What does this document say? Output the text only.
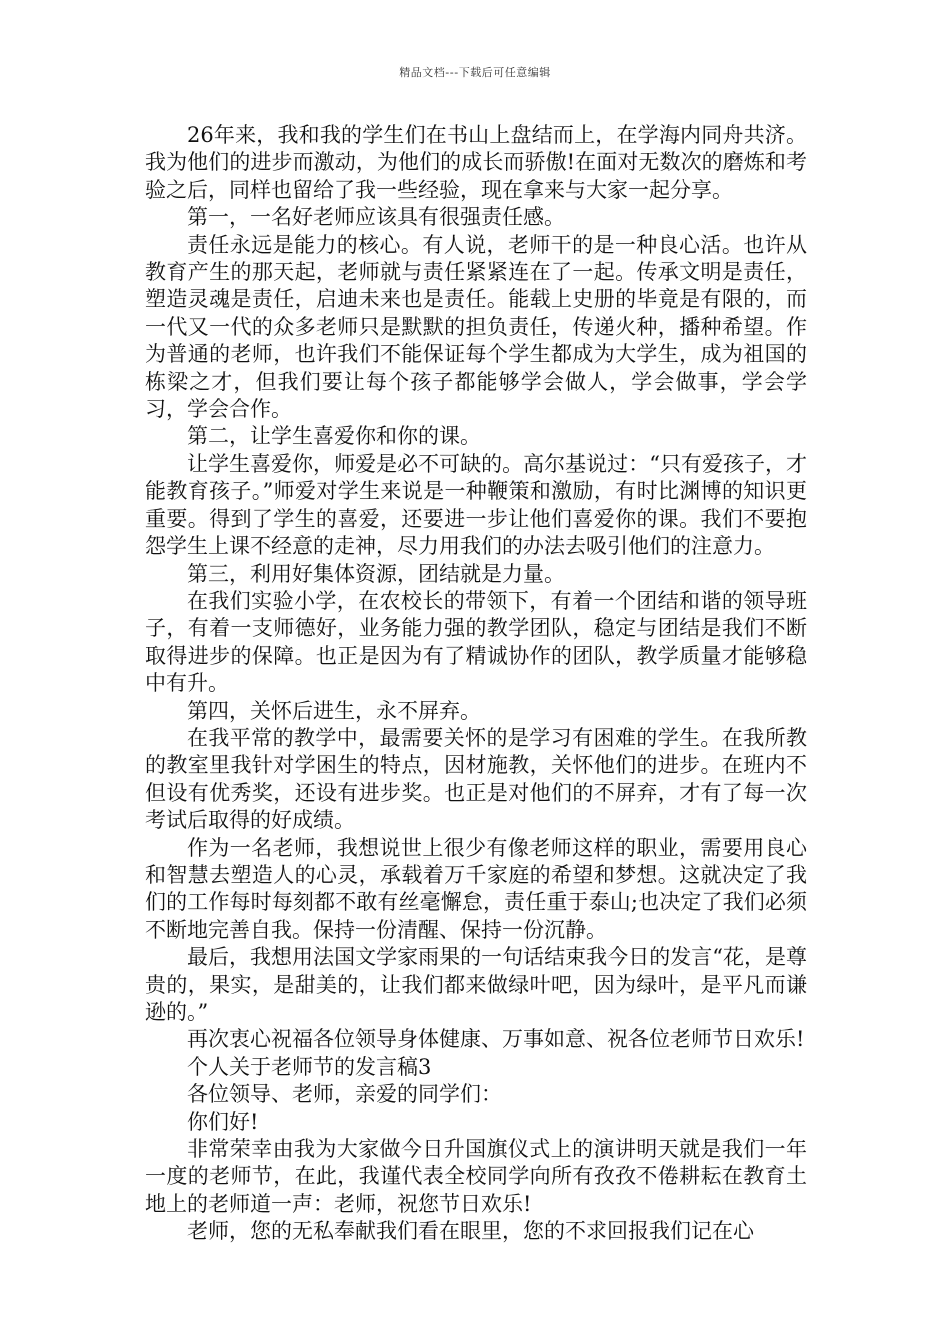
精品文档---下载后可任意编辑

26年来，我和我的学生们在书山上盘结而上，在学海内同舟共济。我为他们的进步而激动，为他们的成长而骄傲!在面对无数次的磨炼和考验之后，同样也留给了我一些经验，现在拿来与大家一起分享。

第一，一名好老师应该具有很强责任感。

责任永远是能力的核心。有人说，老师干的是一种良心活。也许从教育产生的那天起，老师就与责任紧紧连在了一起。传承文明是责任，塑造灵魂是责任，启迪未来也是责任。能载上史册的毕竟是有限的，而一代又一代的众多老师只是默默的担负责任，传递火种，播种希望。作为普通的老师，也许我们不能保证每个学生都成为大学生，成为祖国的栋梁之才，但我们要让每个孩子都能够学会做人，学会做事，学会学习，学会合作。

第二，让学生喜爱你和你的课。

让学生喜爱你，师爱是必不可缺的。高尔基说过：“只有爱孩子，才能教育孩子。”师爱对学生来说是一种鞭策和激励，有时比渊博的知识更重要。得到了学生的喜爱，还要进一步让他们喜爱你的课。我们不要抱怨学生上课不经意的走神，尽力用我们的办法去吸引他们的注意力。

第三，利用好集体资源，团结就是力量。

在我们实验小学，在农校长的带领下，有着一个团结和谐的领导班子，有着一支师德好，业务能力强的教学团队，稳定与团结是我们不断取得进步的保障。也正是因为有了精诚协作的团队，教学质量才能够稳中有升。

第四，关怀后进生，永不屏弃。

在我平常的教学中，最需要关怀的是学习有困难的学生。在我所教的教室里我针对学困生的特点，因材施教，关怀他们的进步。在班内不但设有优秀奖，还设有进步奖。也正是对他们的不屏弃，才有了每一次考试后取得的好成绩。

作为一名老师，我想说世上很少有像老师这样的职业，需要用良心和智慧去塑造人的心灵，承载着万千家庭的希望和梦想。这就决定了我们的工作每时每刻都不敢有丝毫懈怠，责任重于泰山;也决定了我们必须不断地完善自我。保持一份清醒、保持一份沉静。

最后，我想用法国文学家雨果的一句话结束我今日的发言“花，是尊贵的，果实，是甜美的，让我们都来做绿叶吧，因为绿叶，是平凡而谦逊的。”

再次衷心祝福各位领导身体健康、万事如意、祝各位老师节日欢乐!

个人关于老师节的发言稿3

各位领导、老师，亲爱的同学们：

你们好!

非常荣幸由我为大家做今日升国旗仪式上的演讲明天就是我们一年一度的老师节，在此，我谨代表全校同学向所有孜孜不倦耕耘在教育土地上的老师道一声：老师，祝您节日欢乐!

老师，您的无私奉献我们看在眼里，您的不求回报我们记在心
